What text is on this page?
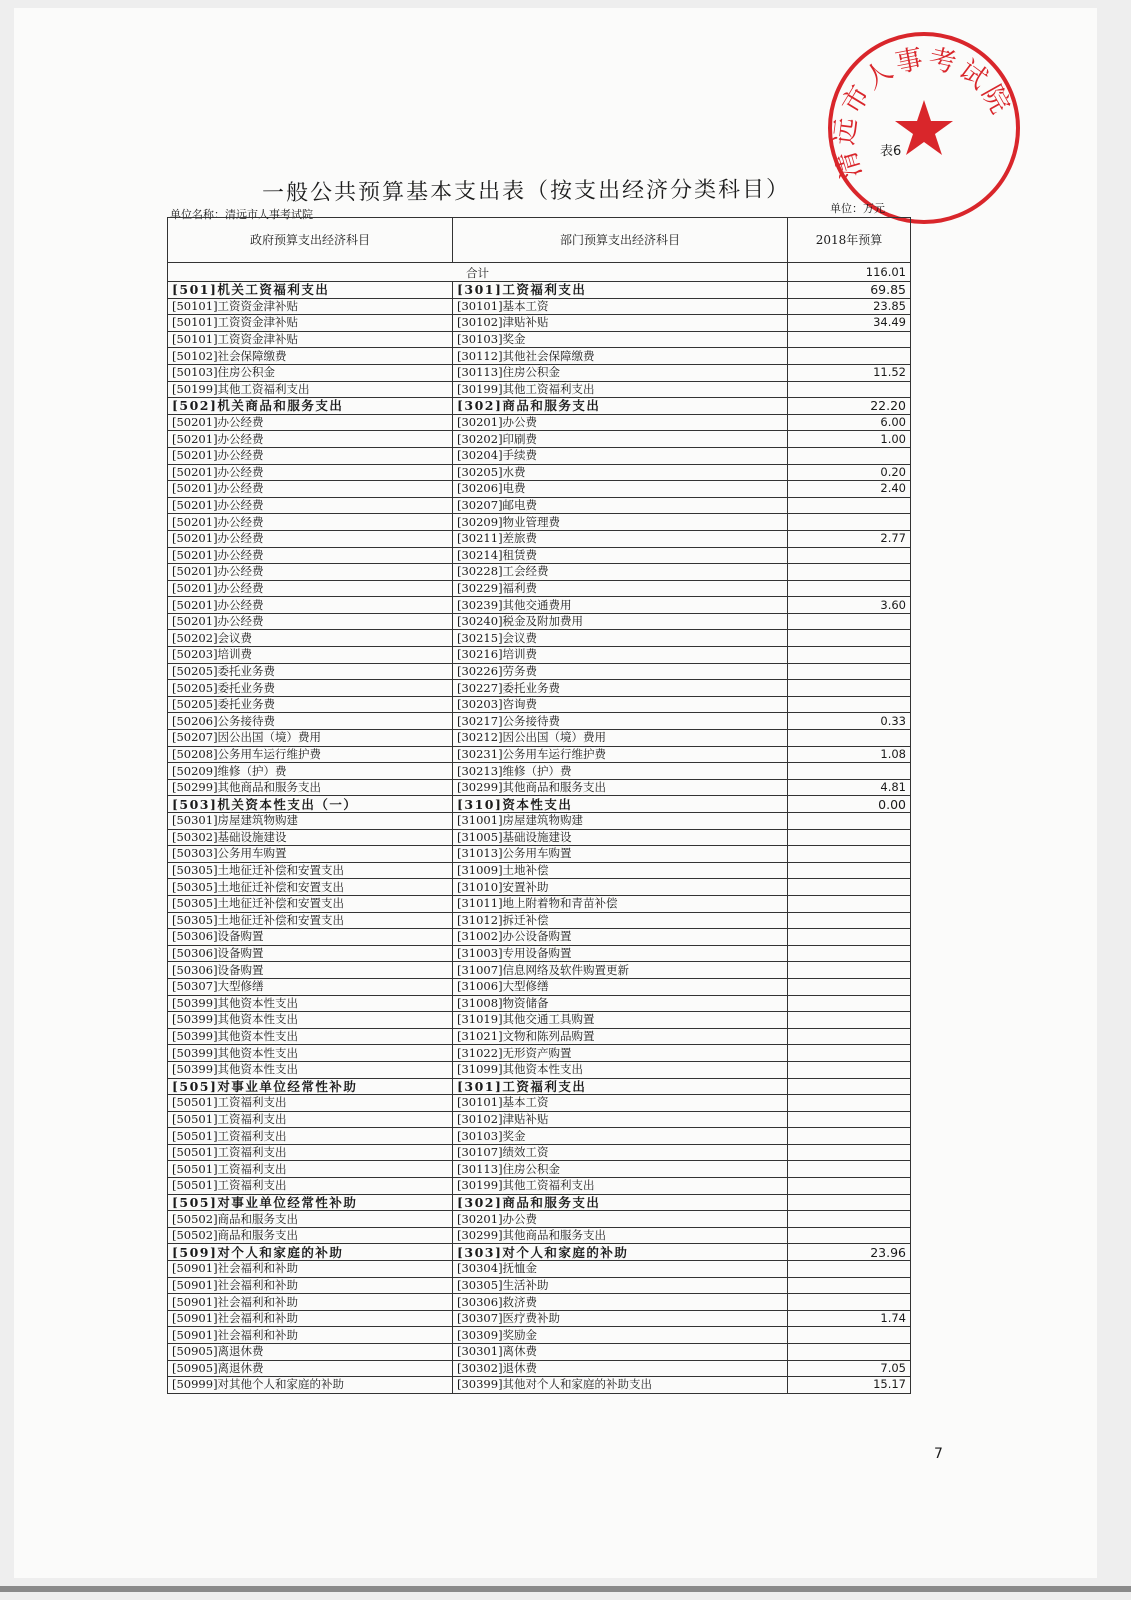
清远市人事考试院
表6
一般公共预算基本支出表（按支出经济分类科目）
单位名称：清远市人事考试院	单位：万元
政府预算支出经济科目	部门预算支出经济科目	2018年预算
合计		116.01
[501]机关工资福利支出	[301]工资福利支出	69.85
[50101]工资资金津补贴	[30101]基本工资	23.85
[50101]工资资金津补贴	[30102]津贴补贴	34.49
[50101]工资资金津补贴	[30103]奖金	
[50102]社会保障缴费	[30112]其他社会保障缴费	
[50103]住房公积金	[30113]住房公积金	11.52
[50199]其他工资福利支出	[30199]其他工资福利支出	
[502]机关商品和服务支出	[302]商品和服务支出	22.20
[50201]办公经费	[30201]办公费	6.00
[50201]办公经费	[30202]印刷费	1.00
[50201]办公经费	[30204]手续费	
[50201]办公经费	[30205]水费	0.20
[50201]办公经费	[30206]电费	2.40
[50201]办公经费	[30207]邮电费	
[50201]办公经费	[30209]物业管理费	
[50201]办公经费	[30211]差旅费	2.77
[50201]办公经费	[30214]租赁费	
[50201]办公经费	[30228]工会经费	
[50201]办公经费	[30229]福利费	
[50201]办公经费	[30239]其他交通费用	3.60
[50201]办公经费	[30240]税金及附加费用	
[50202]会议费	[30215]会议费	
[50203]培训费	[30216]培训费	
[50205]委托业务费	[30226]劳务费	
[50205]委托业务费	[30227]委托业务费	
[50205]委托业务费	[30203]咨询费	
[50206]公务接待费	[30217]公务接待费	0.33
[50207]因公出国（境）费用	[30212]因公出国（境）费用	
[50208]公务用车运行维护费	[30231]公务用车运行维护费	1.08
[50209]维修（护）费	[30213]维修（护）费	
[50299]其他商品和服务支出	[30299]其他商品和服务支出	4.81
[503]机关资本性支出（一）	[310]资本性支出	0.00
[50301]房屋建筑物购建	[31001]房屋建筑物购建	
[50302]基础设施建设	[31005]基础设施建设	
[50303]公务用车购置	[31013]公务用车购置	
[50305]土地征迁补偿和安置支出	[31009]土地补偿	
[50305]土地征迁补偿和安置支出	[31010]安置补助	
[50305]土地征迁补偿和安置支出	[31011]地上附着物和青苗补偿	
[50305]土地征迁补偿和安置支出	[31012]拆迁补偿	
[50306]设备购置	[31002]办公设备购置	
[50306]设备购置	[31003]专用设备购置	
[50306]设备购置	[31007]信息网络及软件购置更新	
[50307]大型修缮	[31006]大型修缮	
[50399]其他资本性支出	[31008]物资储备	
[50399]其他资本性支出	[31019]其他交通工具购置	
[50399]其他资本性支出	[31021]文物和陈列品购置	
[50399]其他资本性支出	[31022]无形资产购置	
[50399]其他资本性支出	[31099]其他资本性支出	
[505]对事业单位经常性补助	[301]工资福利支出	
[50501]工资福利支出	[30101]基本工资	
[50501]工资福利支出	[30102]津贴补贴	
[50501]工资福利支出	[30103]奖金	
[50501]工资福利支出	[30107]绩效工资	
[50501]工资福利支出	[30113]住房公积金	
[50501]工资福利支出	[30199]其他工资福利支出	
[505]对事业单位经常性补助	[302]商品和服务支出	
[50502]商品和服务支出	[30201]办公费	
[50502]商品和服务支出	[30299]其他商品和服务支出	
[509]对个人和家庭的补助	[303]对个人和家庭的补助	23.96
[50901]社会福利和补助	[30304]抚恤金	
[50901]社会福利和补助	[30305]生活补助	
[50901]社会福利和补助	[30306]救济费	
[50901]社会福利和补助	[30307]医疗费补助	1.74
[50901]社会福利和补助	[30309]奖励金	
[50905]离退休费	[30301]离休费	
[50905]离退休费	[30302]退休费	7.05
[50999]对其他个人和家庭的补助	[30399]其他对个人和家庭的补助支出	15.17
7
